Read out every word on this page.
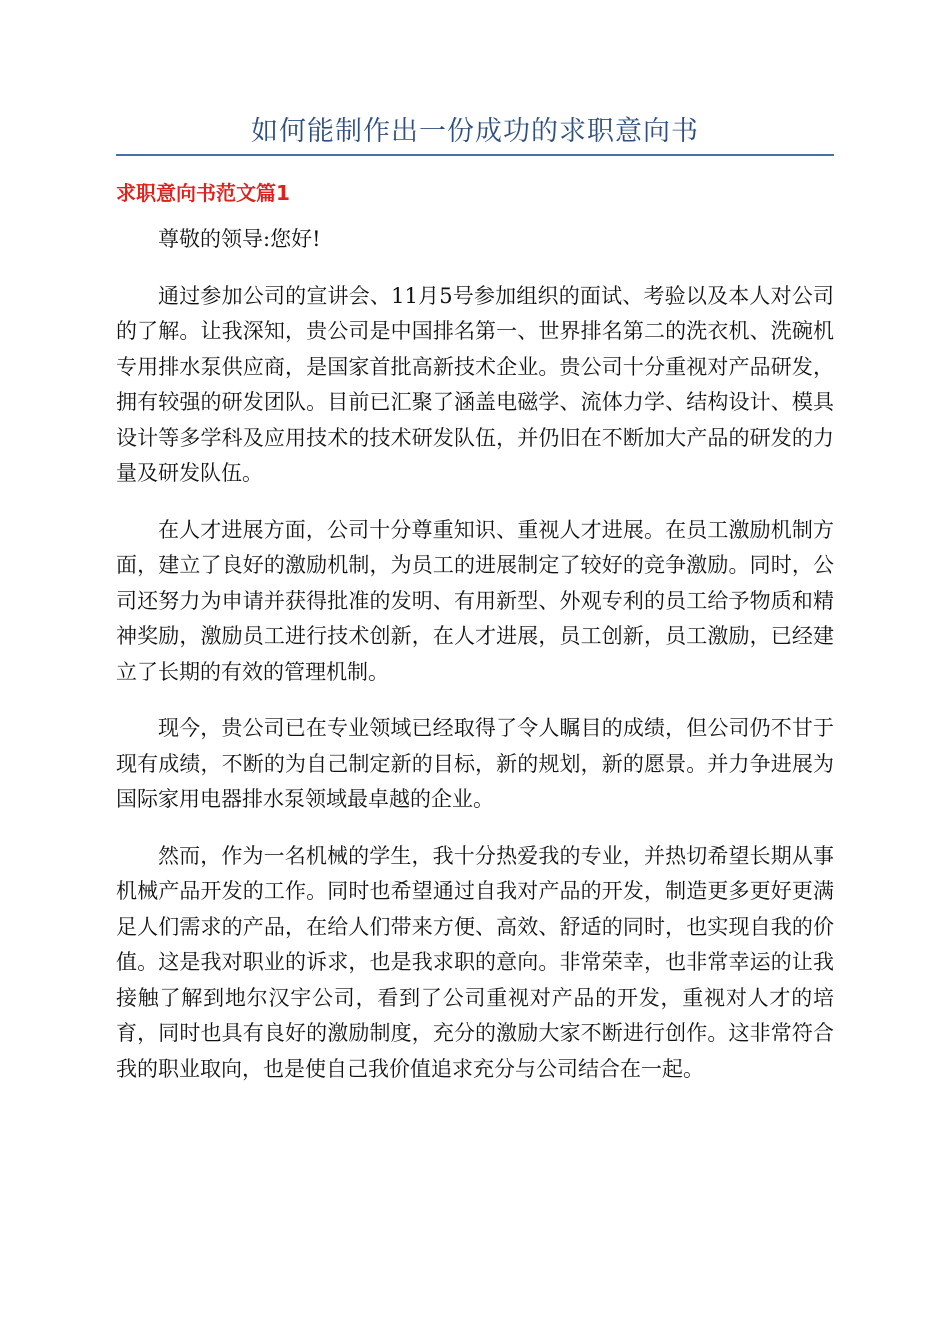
如何能制作出一份成功的求职意向书
求职意向书范文篇1

尊敬的领导:您好!

通过参加公司的宣讲会、11月5号参加组织的面试、考验以及本人对公司的了解。让我深知，贵公司是中国排名第一、世界排名第二的洗衣机、洗碗机专用排水泵供应商，是国家首批高新技术企业。贵公司十分重视对产品研发，拥有较强的研发团队。目前已汇聚了涵盖电磁学、流体力学、结构设计、模具设计等多学科及应用技术的技术研发队伍，并仍旧在不断加大产品的研发的力量及研发队伍。

在人才进展方面，公司十分尊重知识、重视人才进展。在员工激励机制方面，建立了良好的激励机制，为员工的进展制定了较好的竞争激励。同时，公司还努力为申请并获得批准的发明、有用新型、外观专利的员工给予物质和精神奖励，激励员工进行技术创新，在人才进展，员工创新，员工激励，已经建立了长期的有效的管理机制。

现今，贵公司已在专业领域已经取得了令人瞩目的成绩，但公司仍不甘于现有成绩，不断的为自己制定新的目标，新的规划，新的愿景。并力争进展为国际家用电器排水泵领域最卓越的企业。

然而，作为一名机械的学生，我十分热爱我的专业，并热切希望长期从事机械产品开发的工作。同时也希望通过自我对产品的开发，制造更多更好更满足人们需求的产品，在给人们带来方便、高效、舒适的同时，也实现自我的价值。这是我对职业的诉求，也是我求职的意向。非常荣幸，也非常幸运的让我接触了解到地尔汉宇公司，看到了公司重视对产品的开发，重视对人才的培育，同时也具有良好的激励制度，充分的激励大家不断进行创作。这非常符合我的职业取向，也是使自己我价值追求充分与公司结合在一起。
